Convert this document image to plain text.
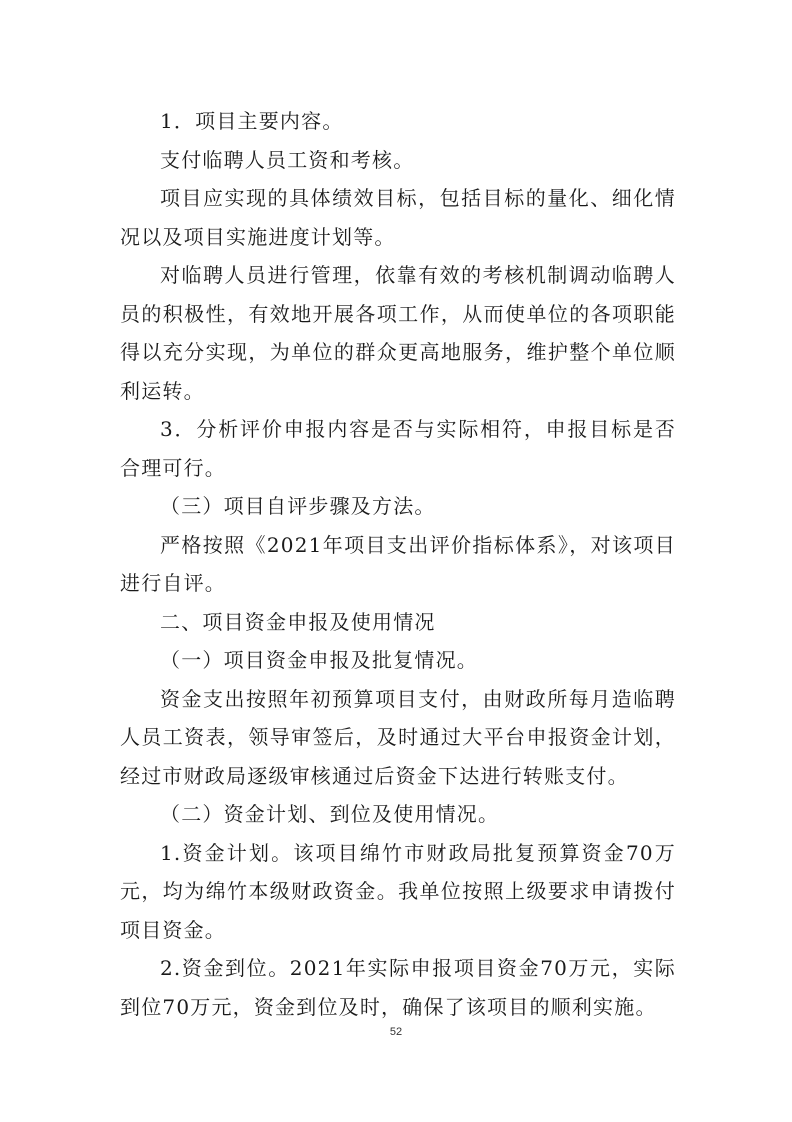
1．项目主要内容。

支付临聘人员工资和考核。

项目应实现的具体绩效目标，包括目标的量化、细化情况以及项目实施进度计划等。

对临聘人员进行管理，依靠有效的考核机制调动临聘人员的积极性，有效地开展各项工作，从而使单位的各项职能得以充分实现，为单位的群众更高地服务，维护整个单位顺利运转。

3．分析评价申报内容是否与实际相符，申报目标是否合理可行。

（三）项目自评步骤及方法。

严格按照《2021年项目支出评价指标体系》，对该项目进行自评。

二、项目资金申报及使用情况

（一）项目资金申报及批复情况。

资金支出按照年初预算项目支付，由财政所每月造临聘人员工资表，领导审签后，及时通过大平台申报资金计划，经过市财政局逐级审核通过后资金下达进行转账支付。

（二）资金计划、到位及使用情况。

1.资金计划。该项目绵竹市财政局批复预算资金70万元，均为绵竹本级财政资金。我单位按照上级要求申请拨付项目资金。

2.资金到位。2021年实际申报项目资金70万元，实际到位70万元，资金到位及时，确保了该项目的顺利实施。

52
